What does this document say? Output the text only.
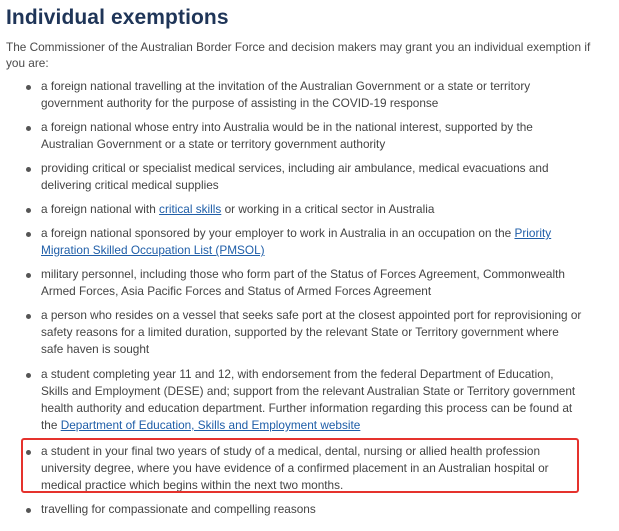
Individual exemptions

The Commissioner of the Australian Border Force and decision makers may grant you an individual exemption if you are:

a foreign national travelling at the invitation of the Australian Government or a state or territory
government authority for the purpose of assisting in the COVID-19 response
a foreign national whose entry into Australia would be in the national interest, supported by the
Australian Government or a state or territory government authority
providing critical or specialist medical services, including air ambulance, medical evacuations and
delivering critical medical supplies
a foreign national with critical skills or working in a critical sector in Australia
a foreign national sponsored by your employer to work in Australia in an occupation on the Priority
Migration Skilled Occupation List (PMSOL)
military personnel, including those who form part of the Status of Forces Agreement, Commonwealth
Armed Forces, Asia Pacific Forces and Status of Armed Forces Agreement
a person who resides on a vessel that seeks safe port at the closest appointed port for reprovisioning or
safety reasons for a limited duration, supported by the relevant State or Territory government where
safe haven is sought
a student completing year 11 and 12, with endorsement from the federal Department of Education,
Skills and Employment (DESE) and; support from the relevant Australian State or Territory government
health authority and education department. Further information regarding this process can be found at
the Department of Education, Skills and Employment website
a student in your final two years of study of a medical, dental, nursing or allied health profession
university degree, where you have evidence of a confirmed placement in an Australian hospital or
medical practice which begins within the next two months.
travelling for compassionate and compelling reasons
